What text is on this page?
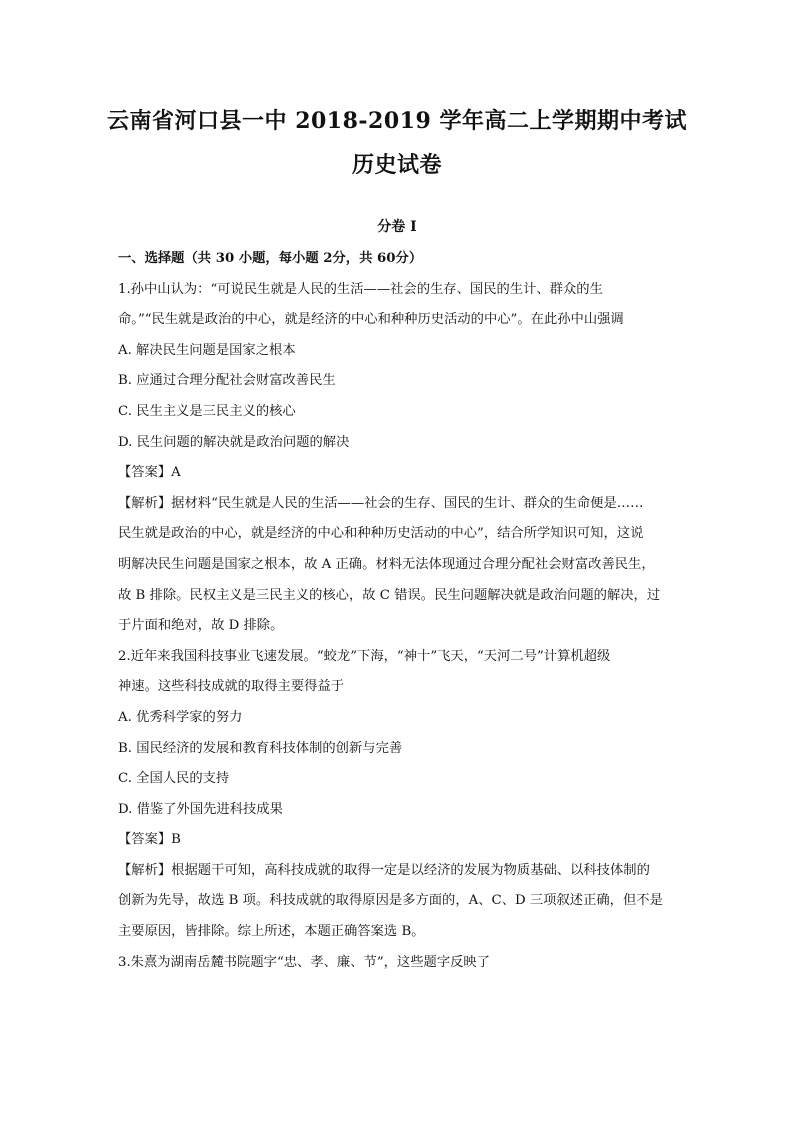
云南省河口县一中 2018-2019 学年高二上学期期中考试
历史试卷
分卷 I
一、选择题（共 30 小题，每小题 2分，共 60分）
1.孙中山认为：“可说民生就是人民的生活——社会的生存、国民的生计、群众的生
命。”“民生就是政治的中心，就是经济的中心和种种历史活动的中心”。在此孙中山强调
A. 解决民生问题是国家之根本
B. 应通过合理分配社会财富改善民生
C. 民生主义是三民主义的核心
D. 民生问题的解决就是政治问题的解决
【答案】A
【解析】据材料“民生就是人民的生活——社会的生存、国民的生计、群众的生命便是……
民生就是政治的中心，就是经济的中心和种种历史活动的中心”，结合所学知识可知，这说
明解决民生问题是国家之根本，故 A 正确。材料无法体现通过合理分配社会财富改善民生，
故 B 排除。民权主义是三民主义的核心，故 C 错误。民生问题解决就是政治问题的解决，过
于片面和绝对，故 D 排除。
2.近年来我国科技事业飞速发展。“蛟龙”下海，“神十”飞天，“天河二号”计算机超级
神速。这些科技成就的取得主要得益于
A. 优秀科学家的努力
B. 国民经济的发展和教育科技体制的创新与完善
C. 全国人民的支持
D. 借鉴了外国先进科技成果
【答案】B
【解析】根据题干可知，高科技成就的取得一定是以经济的发展为物质基础、以科技体制的
创新为先导，故选 B 项。科技成就的取得原因是多方面的，A、C、D 三项叙述正确，但不是
主要原因，皆排除。综上所述，本题正确答案选 B。
3.朱熹为湖南岳麓书院题字“忠、孝、廉、节”，这些题字反映了
